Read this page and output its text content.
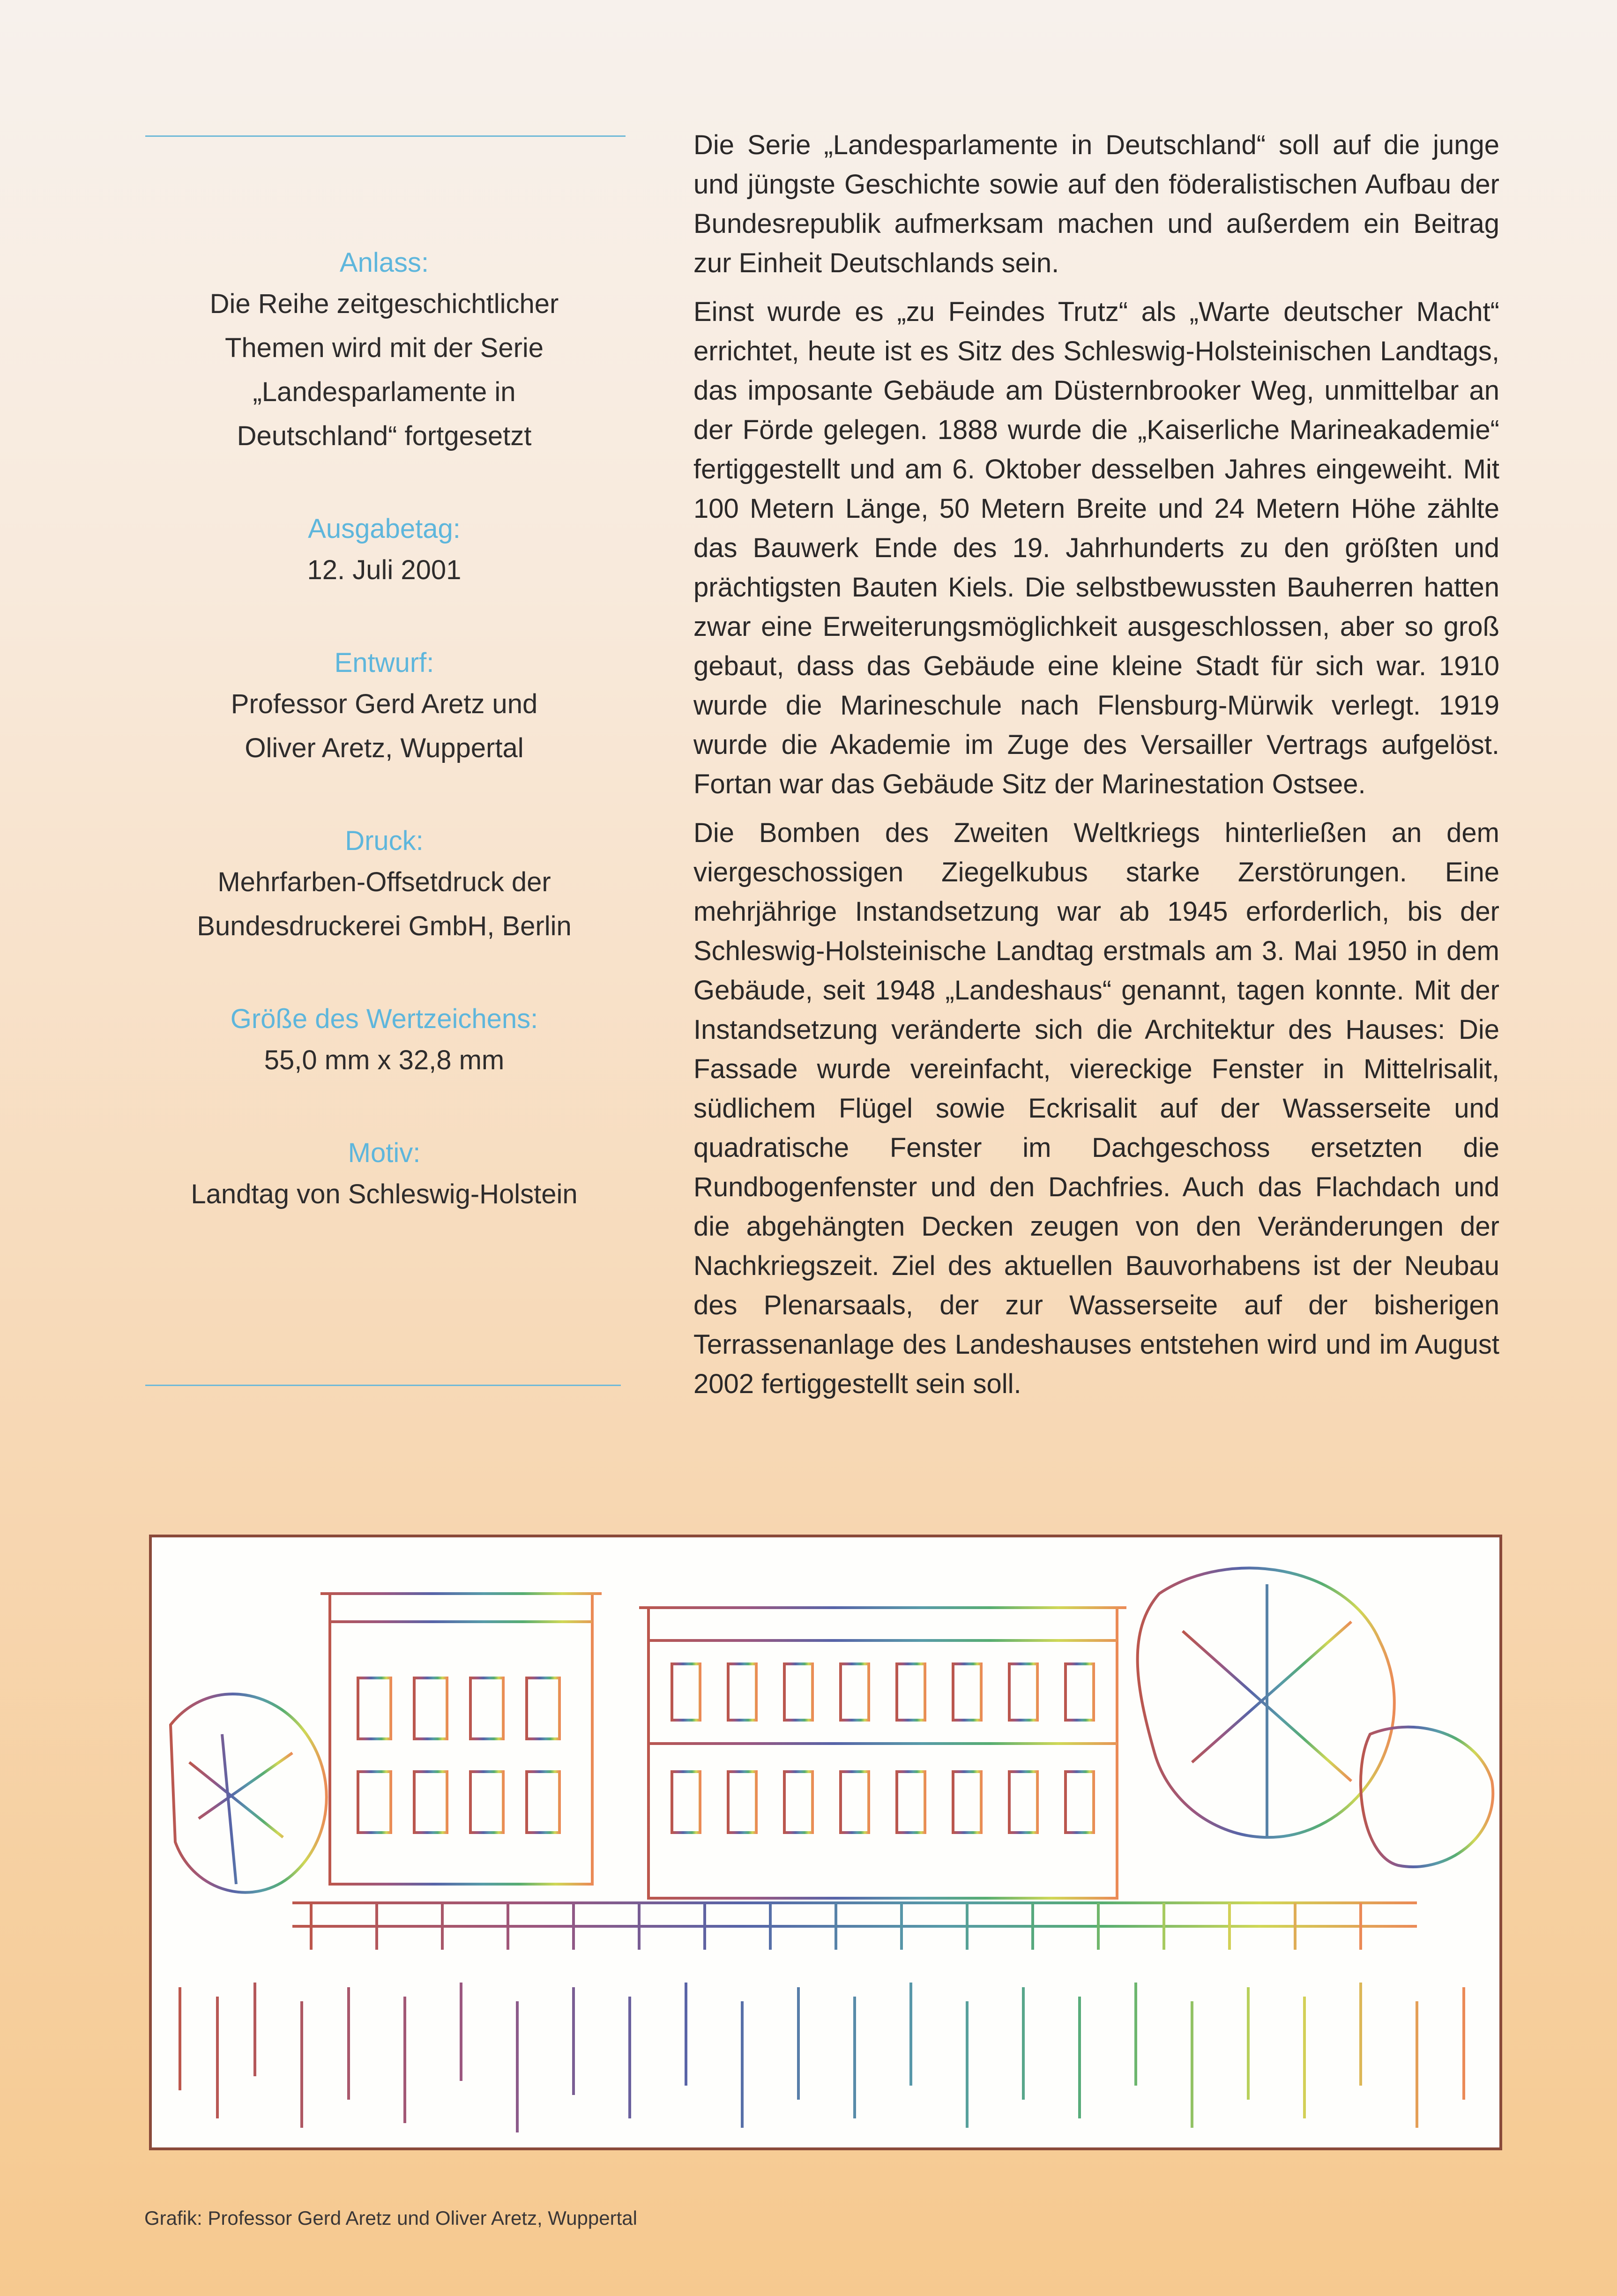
Anlass:
Die Reihe zeitgeschichtlicher
Themen wird mit der Serie
„Landesparlamente in
Deutschland“ fortgesetzt
Ausgabetag:
12. Juli 2001
Entwurf:
Professor Gerd Aretz und
Oliver Aretz, Wuppertal
Druck:
Mehrfarben-Offsetdruck der
Bundesdruckerei GmbH, Berlin
Größe des Wertzeichens:
55,0 mm x 32,8 mm
Motiv:
Landtag von Schleswig-Holstein

Die Serie „Landesparlamente in Deutschland“ soll auf die junge und jüngste Geschichte sowie auf den föderalistischen Aufbau der Bundesrepublik aufmerksam machen und außerdem ein Beitrag zur Einheit Deutschlands sein.

Einst wurde es „zu Feindes Trutz“ als „Warte deutscher Macht“ errichtet, heute ist es Sitz des Schleswig-Holsteinischen Landtags, das imposante Gebäude am Düsternbrooker Weg, unmittelbar an der Förde gelegen. 1888 wurde die „Kaiserliche Marineakademie“ fertiggestellt und am 6. Oktober desselben Jahres eingeweiht. Mit 100 Metern Länge, 50 Metern Breite und 24 Metern Höhe zählte das Bauwerk Ende des 19. Jahrhunderts zu den größten und prächtigsten Bauten Kiels. Die selbstbewussten Bauherren hatten zwar eine Erweiterungsmöglichkeit ausgeschlossen, aber so groß gebaut, dass das Gebäude eine kleine Stadt für sich war. 1910 wurde die Marineschule nach Flensburg-Mürwik verlegt. 1919 wurde die Akademie im Zuge des Versailler Vertrags aufgelöst. Fortan war das Gebäude Sitz der Marinestation Ostsee.

Die Bomben des Zweiten Weltkriegs hinterließen an dem viergeschossigen Ziegelkubus starke Zerstörungen. Eine mehrjährige Instandsetzung war ab 1945 erforderlich, bis der Schleswig-Holsteinische Landtag erstmals am 3. Mai 1950 in dem Gebäude, seit 1948 „Landeshaus“ genannt, tagen konnte. Mit der Instandsetzung veränderte sich die Architektur des Hauses: Die Fassade wurde vereinfacht, viereckige Fenster in Mittelrisalit, südlichem Flügel sowie Eckrisalit auf der Wasserseite und quadratische Fenster im Dachgeschoss ersetzten die Rundbogenfenster und den Dachfries. Auch das Flachdach und die abgehängten Decken zeugen von den Veränderungen der Nachkriegszeit. Ziel des aktuellen Bauvorhabens ist der Neubau des Plenarsaals, der zur Wasserseite auf der bisherigen Terrassenanlage des Landeshauses entstehen wird und im August 2002 fertiggestellt sein soll.

Grafik: Professor Gerd Aretz und Oliver Aretz, Wuppertal
